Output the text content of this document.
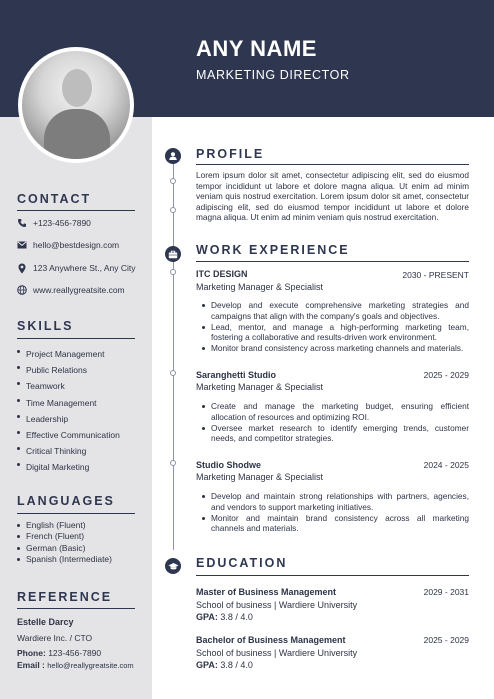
ANY NAME
MARKETING DIRECTOR
CONTACT
+123-456-7890
hello@bestdesign.com
123 Anywhere St., Any City
www.reallygreatsite.com
SKILLS
Project Management
Public Relations
Teamwork
Time Management
Leadership
Effective Communication
Critical Thinking
Digital Marketing
LANGUAGES
English (Fluent)
French (Fluent)
German (Basic)
Spanish (Intermediate)
REFERENCE
Estelle Darcy
Wardiere Inc. / CTO
Phone: 123-456-7890
Email : hello@reallygreatsite.com
PROFILE
Lorem ipsum dolor sit amet, consectetur adipiscing elit, sed do eiusmod tempor incididunt ut labore et dolore magna aliqua. Ut enim ad minim veniam quis nostrud exercitation. Lorem ipsum dolor sit amet, consectetur adipiscing elit, sed do eiusmod tempor incididunt ut labore et dolore magna aliqua. Ut enim ad minim veniam quis nostrud exercitation.
WORK EXPERIENCE
ITC DESIGN	2030 - PRESENT
Marketing Manager & Specialist
Develop and execute comprehensive marketing strategies and campaigns that align with the company's goals and objectives.
Lead, mentor, and manage a high-performing marketing team, fostering a collaborative and results-driven work environment.
Monitor brand consistency across marketing channels and materials.
Saranghetti Studio	2025 - 2029
Marketing Manager & Specialist
Create and manage the marketing budget, ensuring efficient allocation of resources and optimizing ROI.
Oversee market research to identify emerging trends, customer needs, and competitor strategies.
Studio Shodwe	2024 - 2025
Marketing Manager & Specialist
Develop and maintain strong relationships with partners, agencies, and vendors to support marketing initiatives.
Monitor and maintain brand consistency across all marketing channels and materials.
EDUCATION
Master of Business Management	2029 - 2031
School of business | Wardiere University
GPA: 3.8 / 4.0
Bachelor of Business Management	2025 - 2029
School of business | Wardiere University
GPA: 3.8 / 4.0
